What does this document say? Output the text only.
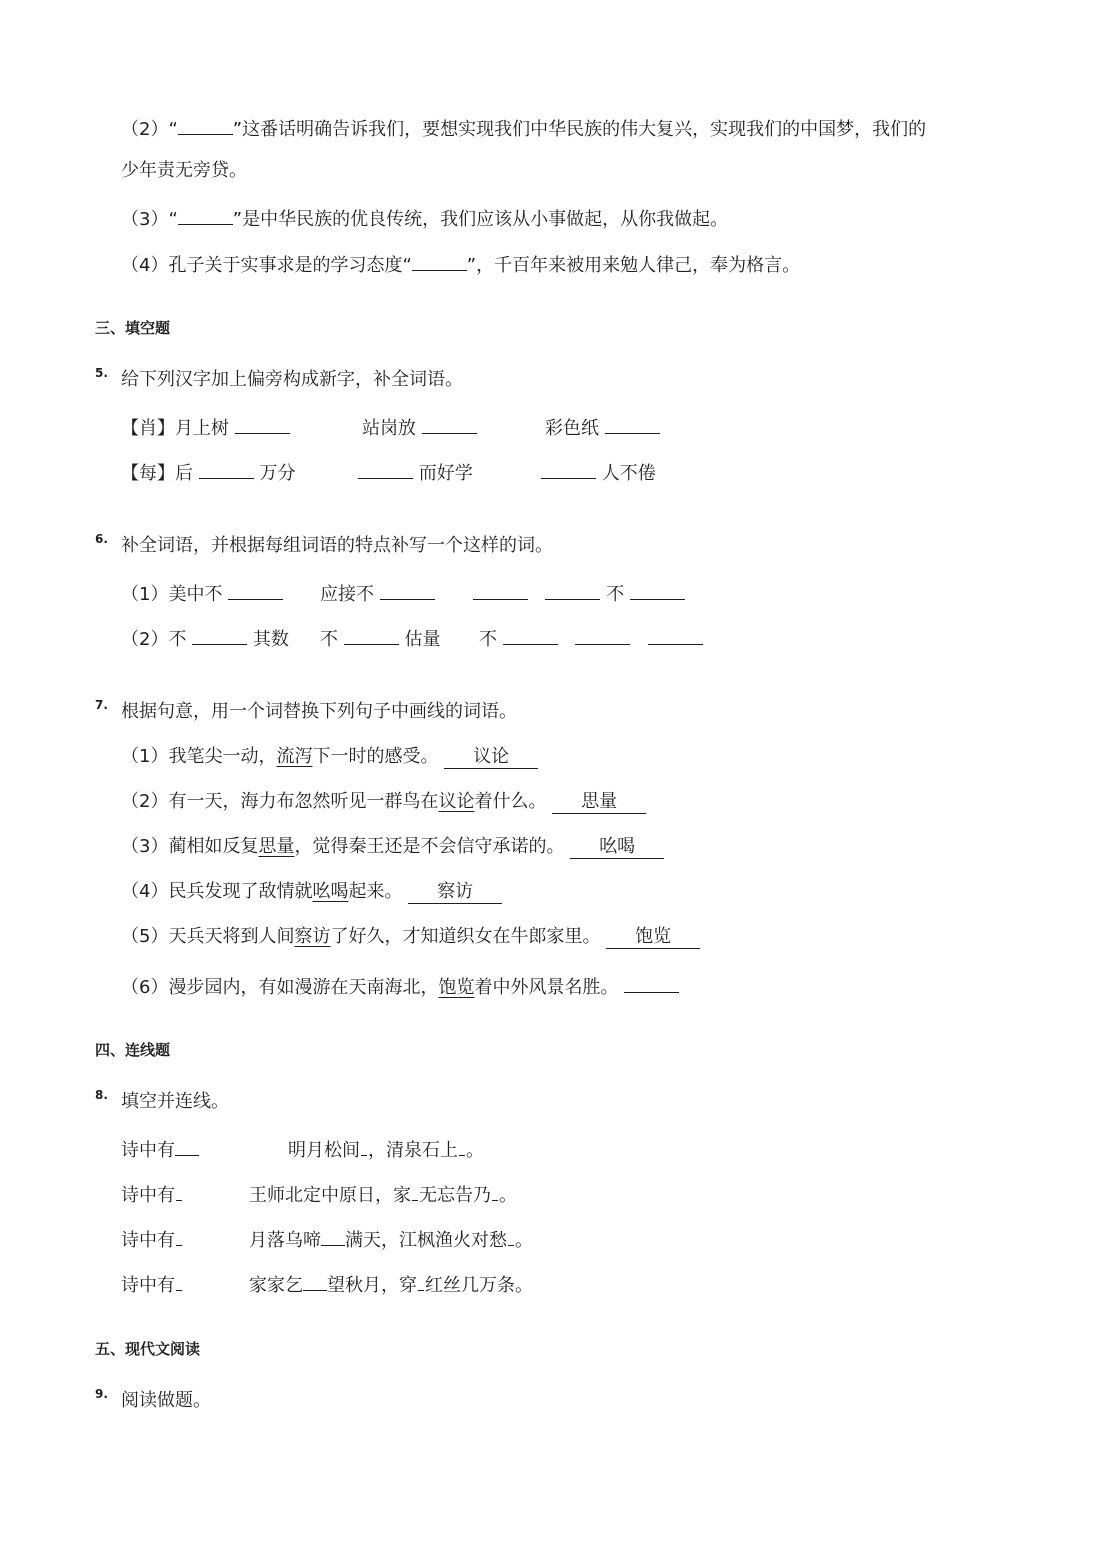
（2）“	”这番话明确告诉我们，要想实现我们中华民族的伟大复兴，实现我们的中国梦，我们的
少年责无旁贷。
（3）“	”是中华民族的优良传统，我们应该从小事做起，从你我做起。
（4）孔子关于实事求是的学习态度“	”，千百年来被用来勉人律己，奉为格言。
三、填空题
5. 给下列汉字加上偏旁构成新字，补全词语。
【肖】月上树	站岗放	彩色纸
【每】后	万分	而好学	人不倦
6. 补全词语，并根据每组词语的特点补写一个这样的词。
（1）美中不	应接不	不
（2）不	其数 不	估量 不
7. 根据句意，用一个词替换下列句子中画线的词语。
（1）我笔尖一动，流泻下一时的感受。 议论
（2）有一天，海力布忽然听见一群鸟在议论着什么。 思量
（3）蔺相如反复思量，觉得秦王还是不会信守承诺的。 吆喝
（4）民兵发现了敌情就吆喝起来。 察访
（5）天兵天将到人间察访了好久，才知道织女在牛郎家里。 饱览
（6）漫步园内，有如漫游在天南海北，饱览着中外风景名胜。
四、连线题
8. 填空并连线。
诗中有	明月松间 ，清泉石上 。
诗中有	王师北定中原日，家 无忘告乃 。
诗中有	月落乌啼 满天，江枫渔火对愁 。
诗中有	家家乞 望秋月，穿 红丝几万条。
五、现代文阅读
9. 阅读做题。
